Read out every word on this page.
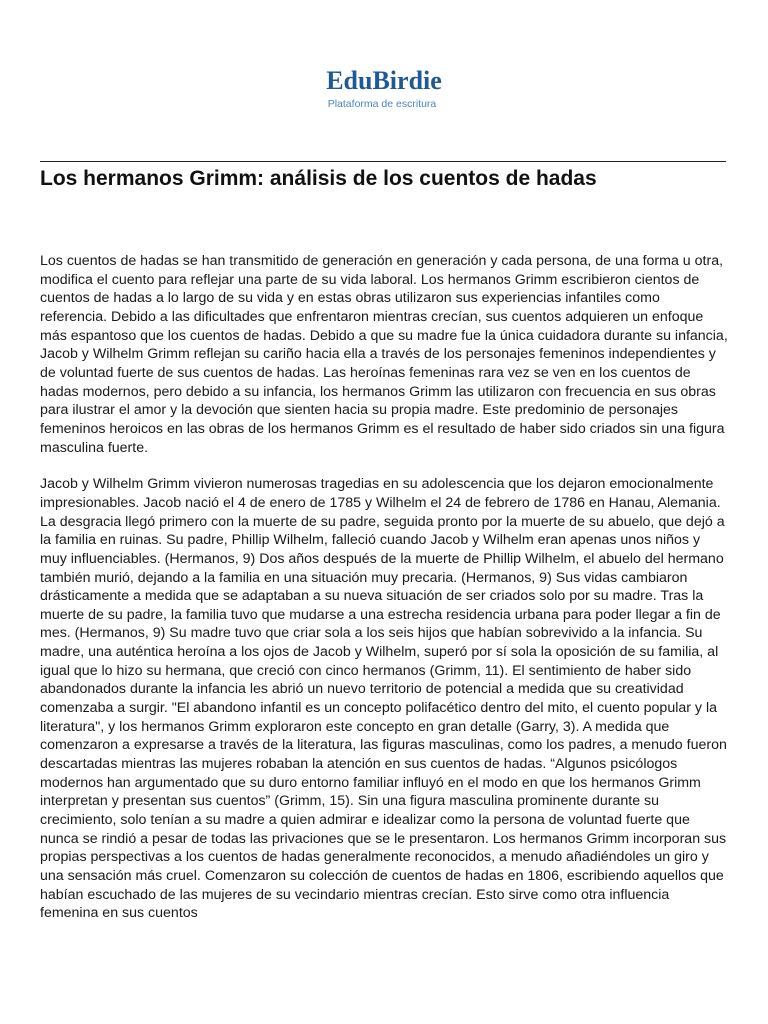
EduBirdie
Plataforma de escritura
Los hermanos Grimm: análisis de los cuentos de hadas

Los cuentos de hadas se han transmitido de generación en generación y cada persona, de una forma u otra, modifica el cuento para reflejar una parte de su vida laboral. Los hermanos Grimm escribieron cientos de cuentos de hadas a lo largo de su vida y en estas obras utilizaron sus experiencias infantiles como referencia. Debido a las dificultades que enfrentaron mientras crecían, sus cuentos adquieren un enfoque más espantoso que los cuentos de hadas. Debido a que su madre fue la única cuidadora durante su infancia, Jacob y Wilhelm Grimm reflejan su cariño hacia ella a través de los personajes femeninos independientes y de voluntad fuerte de sus cuentos de hadas. Las heroínas femeninas rara vez se ven en los cuentos de hadas modernos, pero debido a su infancia, los hermanos Grimm las utilizaron con frecuencia en sus obras para ilustrar el amor y la devoción que sienten hacia su propia madre. Este predominio de personajes femeninos heroicos en las obras de los hermanos Grimm es el resultado de haber sido criados sin una figura masculina fuerte.

Jacob y Wilhelm Grimm vivieron numerosas tragedias en su adolescencia que los dejaron emocionalmente impresionables. Jacob nació el 4 de enero de 1785 y Wilhelm el 24 de febrero de 1786 en Hanau, Alemania. La desgracia llegó primero con la muerte de su padre, seguida pronto por la muerte de su abuelo, que dejó a la familia en ruinas. Su padre, Phillip Wilhelm, falleció cuando Jacob y Wilhelm eran apenas unos niños y muy influenciables. (Hermanos, 9) Dos años después de la muerte de Phillip Wilhelm, el abuelo del hermano también murió, dejando a la familia en una situación muy precaria. (Hermanos, 9) Sus vidas cambiaron drásticamente a medida que se adaptaban a su nueva situación de ser criados solo por su madre. Tras la muerte de su padre, la familia tuvo que mudarse a una estrecha residencia urbana para poder llegar a fin de mes. (Hermanos, 9) Su madre tuvo que criar sola a los seis hijos que habían sobrevivido a la infancia. Su madre, una auténtica heroína a los ojos de Jacob y Wilhelm, superó por sí sola la oposición de su familia, al igual que lo hizo su hermana, que creció con cinco hermanos (Grimm, 11). El sentimiento de haber sido abandonados durante la infancia les abrió un nuevo territorio de potencial a medida que su creatividad comenzaba a surgir. "El abandono infantil es un concepto polifacético dentro del mito, el cuento popular y la literatura", y los hermanos Grimm exploraron este concepto en gran detalle (Garry, 3). A medida que comenzaron a expresarse a través de la literatura, las figuras masculinas, como los padres, a menudo fueron descartadas mientras las mujeres robaban la atención en sus cuentos de hadas. “Algunos psicólogos modernos han argumentado que su duro entorno familiar influyó en el modo en que los hermanos Grimm interpretan y presentan sus cuentos” (Grimm, 15). Sin una figura masculina prominente durante su crecimiento, solo tenían a su madre a quien admirar e idealizar como la persona de voluntad fuerte que nunca se rindió a pesar de todas las privaciones que se le presentaron. Los hermanos Grimm incorporan sus propias perspectivas a los cuentos de hadas generalmente reconocidos, a menudo añadiéndoles un giro y una sensación más cruel. Comenzaron su colección de cuentos de hadas en 1806, escribiendo aquellos que habían escuchado de las mujeres de su vecindario mientras crecían. Esto sirve como otra influencia femenina en sus cuentos
